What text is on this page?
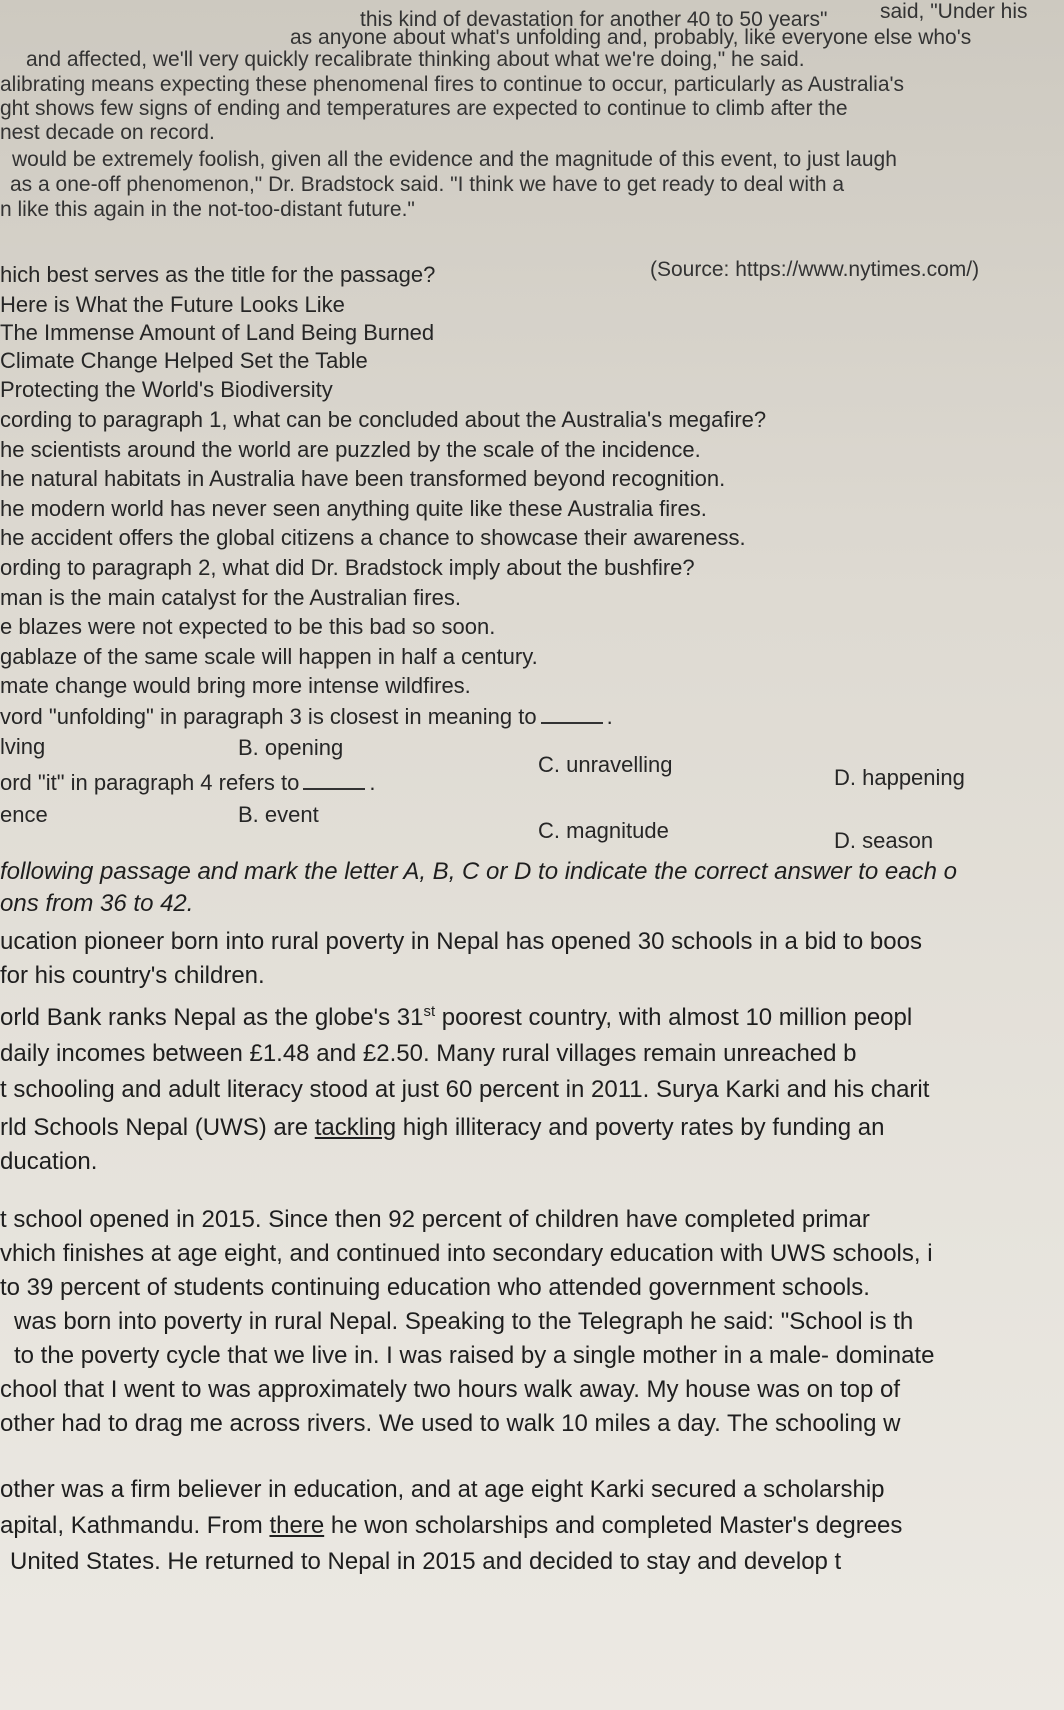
said, "Under his
this kind of devastation for another 40 to 50 years"
as anyone about what's unfolding and, probably, like everyone else who's
and affected, we'll very quickly recalibrate thinking about what we're doing," he said.
alibrating means expecting these phenomenal fires to continue to occur, particularly as Australia's
ght shows few signs of ending and temperatures are expected to continue to climb after the
nest decade on record.
would be extremely foolish, given all the evidence and the magnitude of this event, to just laugh
as a one-off phenomenon," Dr. Bradstock said. "I think we have to get ready to deal with a
n like this again in the not-too-distant future."
(Source: https://www.nytimes.com/)
hich best serves as the title for the passage?
Here is What the Future Looks Like
The Immense Amount of Land Being Burned
Climate Change Helped Set the Table
Protecting the World's Biodiversity
cording to paragraph 1, what can be concluded about the Australia's megafire?
he scientists around the world are puzzled by the scale of the incidence.
he natural habitats in Australia have been transformed beyond recognition.
he modern world has never seen anything quite like these Australia fires.
he accident offers the global citizens a chance to showcase their awareness.
ording to paragraph 2, what did Dr. Bradstock imply about the bushfire?
man is the main catalyst for the Australian fires.
e blazes were not expected to be this bad so soon.
gablaze of the same scale will happen in half a century.
mate change would bring more intense wildfires.
vord "unfolding" in paragraph 3 is closest in meaning to	.
lving	B. opening
C. unravelling
D. happening
ord "it" in paragraph 4 refers to	.
ence	B. event
C. magnitude	D. season
following passage and mark the letter A, B, C or D to indicate the correct answer to each o
ons from 36 to 42.
ucation pioneer born into rural poverty in Nepal has opened 30 schools in a bid to boos
for his country's children.
orld Bank ranks Nepal as the globe's 31st poorest country, with almost 10 million peopl
daily incomes between £1.48 and £2.50. Many rural villages remain unreached b
t schooling and adult literacy stood at just 60 percent in 2011. Surya Karki and his charit
rld Schools Nepal (UWS) are tackling high illiteracy and poverty rates by funding an
ducation.
t school opened in 2015. Since then 92 percent of children have completed primar
vhich finishes at age eight, and continued into secondary education with UWS schools, i
to 39 percent of students continuing education who attended government schools.
was born into poverty in rural Nepal. Speaking to the Telegraph he said: "School is th
to the poverty cycle that we live in. I was raised by a single mother in a male- dominate
chool that I went to was approximately two hours walk away. My house was on top of
other had to drag me across rivers. We used to walk 10 miles a day. The schooling w
other was a firm believer in education, and at age eight Karki secured a scholarship
apital, Kathmandu. From there he won scholarships and completed Master's degrees
United States. He returned to Nepal in 2015 and decided to stay and develop t
